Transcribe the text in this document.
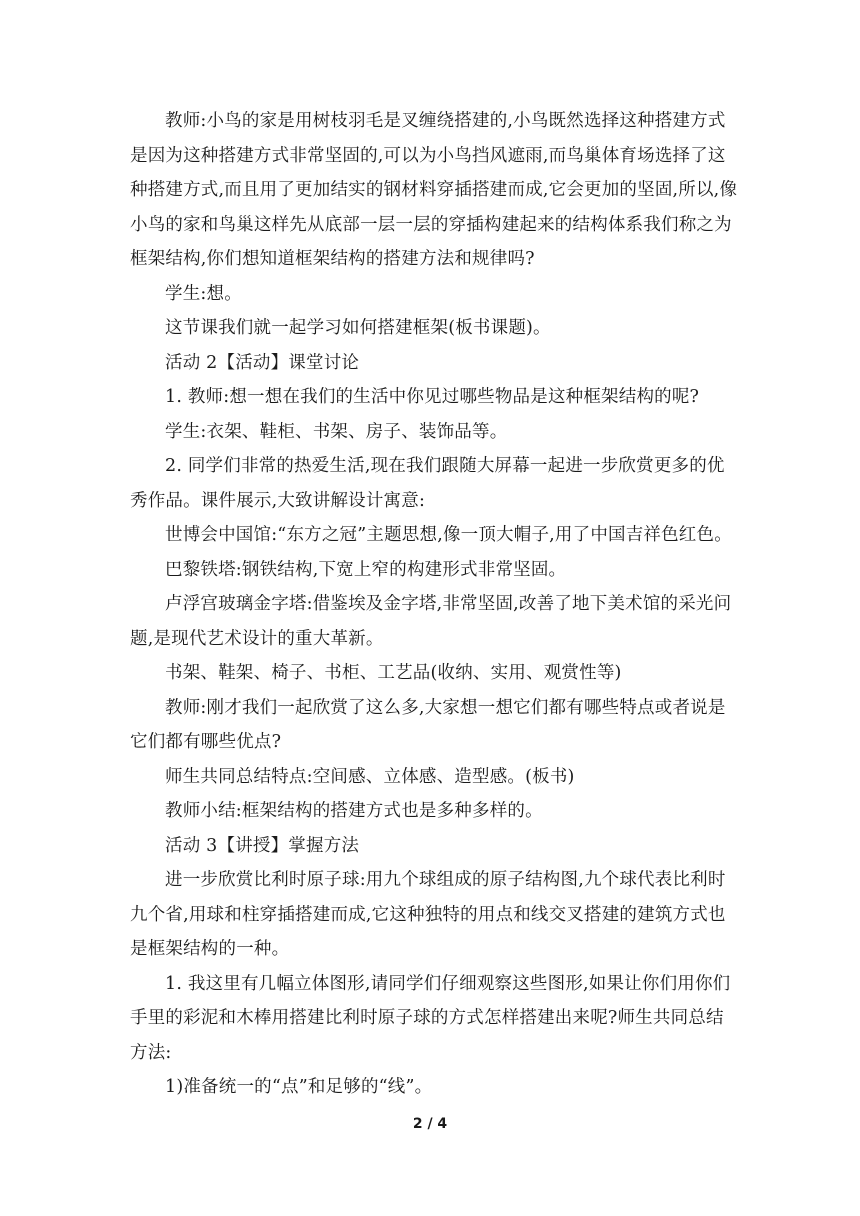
教师:小鸟的家是用树枝羽毛是叉缠绕搭建的,小鸟既然选择这种搭建方式是因为这种搭建方式非常坚固的,可以为小鸟挡风遮雨,而鸟巢体育场选择了这种搭建方式,而且用了更加结实的钢材料穿插搭建而成,它会更加的坚固,所以,像小鸟的家和鸟巢这样先从底部一层一层的穿插构建起来的结构体系我们称之为框架结构,你们想知道框架结构的搭建方法和规律吗?

学生:想。

这节课我们就一起学习如何搭建框架(板书课题)。

活动 2【活动】课堂讨论

1. 教师:想一想在我们的生活中你见过哪些物品是这种框架结构的呢?

学生:衣架、鞋柜、书架、房子、装饰品等。

2. 同学们非常的热爱生活,现在我们跟随大屏幕一起进一步欣赏更多的优秀作品。课件展示,大致讲解设计寓意:

世博会中国馆:“东方之冠”主题思想,像一顶大帽子,用了中国吉祥色红色。

巴黎铁塔:钢铁结构,下宽上窄的构建形式非常坚固。

卢浮宫玻璃金字塔:借鉴埃及金字塔,非常坚固,改善了地下美术馆的采光问题,是现代艺术设计的重大革新。

书架、鞋架、椅子、书柜、工艺品(收纳、实用、观赏性等)

教师:刚才我们一起欣赏了这么多,大家想一想它们都有哪些特点或者说是它们都有哪些优点?

师生共同总结特点:空间感、立体感、造型感。(板书)

教师小结:框架结构的搭建方式也是多种多样的。

活动 3【讲授】掌握方法

进一步欣赏比利时原子球:用九个球组成的原子结构图,九个球代表比利时九个省,用球和柱穿插搭建而成,它这种独特的用点和线交叉搭建的建筑方式也是框架结构的一种。

1. 我这里有几幅立体图形,请同学们仔细观察这些图形,如果让你们用你们手里的彩泥和木棒用搭建比利时原子球的方式怎样搭建出来呢?师生共同总结方法:

1)准备统一的“点”和足够的“线”。

2 / 4
